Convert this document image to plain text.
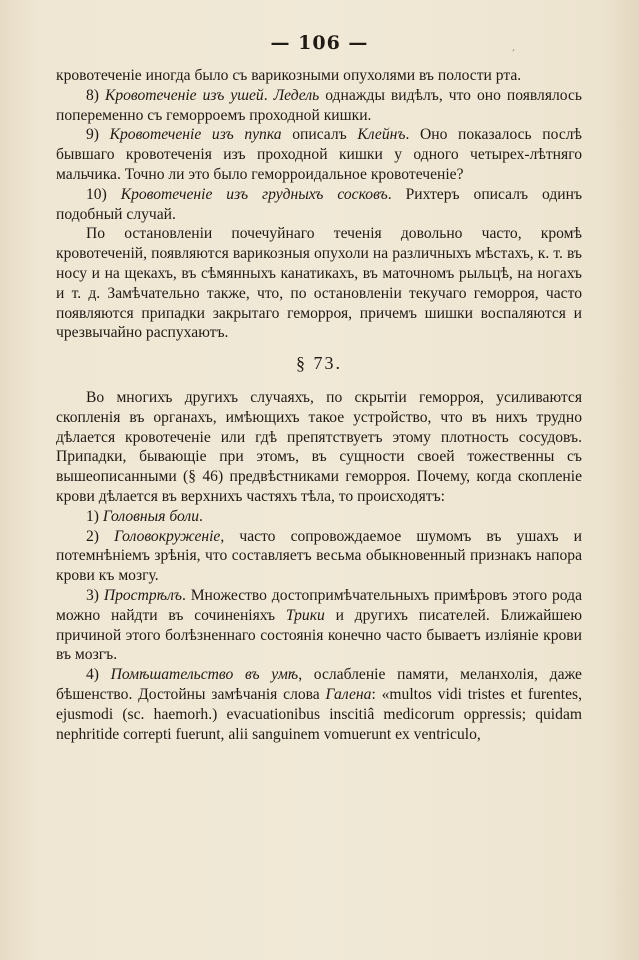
— 106 —	,

кровотеченіе иногда было съ варикозными опухолями въ полости рта.

8) Кровотеченіе изъ ушей. Ледель однажды видѣлъ, что оно появлялось попеременно съ геморроемъ проходной кишки.

9) Кровотеченіе изъ пупка описалъ Клейнъ. Оно показалось послѣ бывшаго кровотеченія изъ проходной кишки у одного четырех-лѣтняго мальчика. Точно ли это было геморроидальное кровотеченіе?

10) Кровотеченіе изъ грудныхъ сосковъ. Рихтеръ описалъ одинъ подобный случай.

По остановленіи почечуйнаго теченія довольно часто, кромѣ кровотеченій, появляются варикозныя опухоли на различныхъ мѣстахъ, к. т. въ носу и на щекахъ, въ сѣмянныхъ канатикахъ, въ маточномъ рыльцѣ, на ногахъ и т. д. Замѣчательно также, что, по остановленіи текучаго геморроя, часто появляются припадки закрытаго геморроя, причемъ шишки воспаляются и чрезвычайно распухаютъ.

§ 73.

Во многихъ другихъ случаяхъ, по скрытіи геморроя, усиливаются скопленія въ органахъ, имѣющихъ такое устройство, что въ нихъ трудно дѣлается кровотеченіе или гдѣ препятствуетъ этому плотность сосудовъ. Припадки, бывающіе при этомъ, въ сущности своей тожественны съ вышеописанными (§ 46) предвѣстниками геморроя. Почему, когда скопленіе крови дѣлается въ верхнихъ частяхъ тѣла, то происходятъ:

1) Головныя боли.

2) Головокруженіе, часто сопровождаемое шумомъ въ ушахъ и потемнѣніемъ зрѣнія, что составляетъ весьма обыкновенный признакъ напора крови къ мозгу.

3) Прострѣлъ. Множество достопримѣчательныхъ примѣровъ этого рода можно найдти въ сочиненіяхъ Трики и другихъ писателей. Ближайшею причиной этого болѣзненнаго состоянія конечно часто бываетъ изліяніе крови въ мозгъ.

4) Помѣшательство въ умѣ, ослабленіе памяти, меланхолія, даже бѣшенство. Достойны замѣчанія слова Галена: «multos vidi tristes et furentes, ejusmodi (sc. haemorh.) evacuationibus inscitiâ medicorum oppressis; quidam nephritide correpti fuerunt, alii sanguinem vomuerunt ex ventriculo,
